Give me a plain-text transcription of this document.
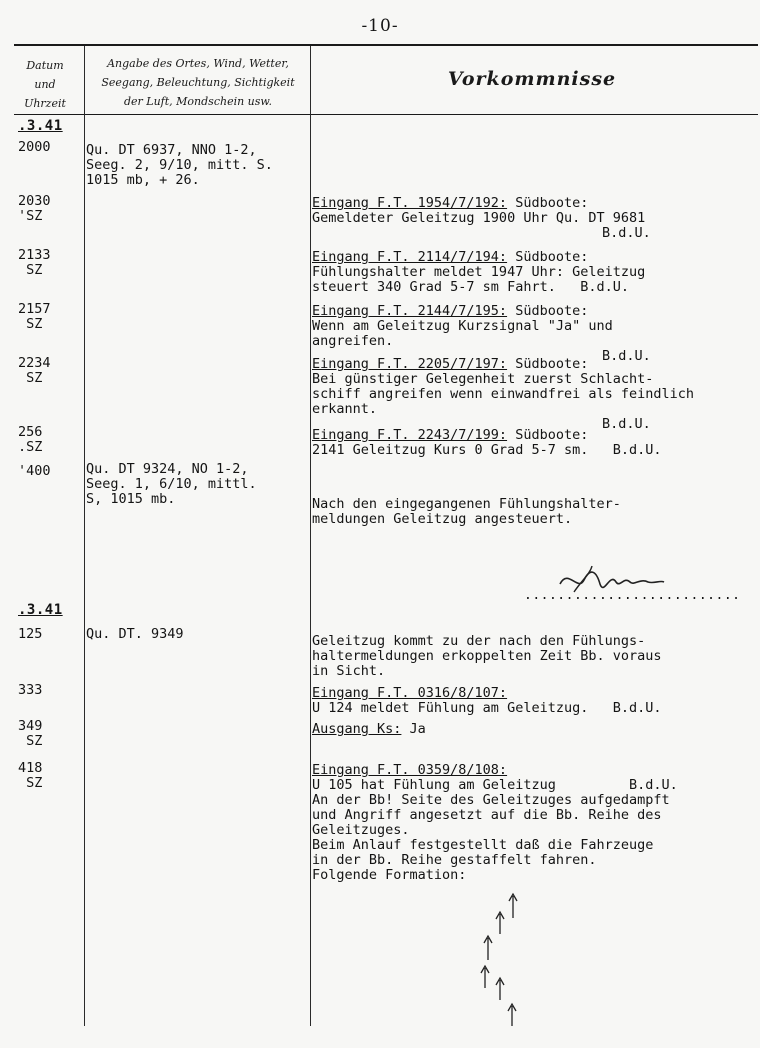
-10-
Datum
und
Uhrzeit
Angabe des Ortes, Wind, Wetter,
Seegang, Beleuchtung, Sichtigkeit
der Luft, Mondschein usw.
Vorkommnisse
.3.41
.3.41
2000
2030
'SZ
2133
SZ
2157
SZ
2234
SZ
256
.SZ
'400
125
333
349
SZ
418
SZ
Qu. DT 6937, NNO 1-2,
Seeg. 2, 9/10, mitt. S.
1015 mb, + 26.
Qu. DT 9324, NO 1-2,
Seeg. 1, 6/10, mittl.
S, 1015 mb.
Qu. DT. 9349
Eingang F.T. 1954/7/192: Südboote:
Gemeldeter Geleitzug 1900 Uhr Qu. DT 9681
B.d.U.
Eingang F.T. 2114/7/194: Südboote:
Fühlungshalter meldet 1947 Uhr: Geleitzug
steuert 340 Grad 5-7 sm Fahrt.   B.d.U.
Eingang F.T. 2144/7/195: Südboote:
Wenn am Geleitzug Kurzsignal "Ja" und
angreifen.
B.d.U.
Eingang F.T. 2205/7/197: Südboote:
Bei günstiger Gelegenheit zuerst Schlacht-
schiff angreifen wenn einwandfrei als feindlich
erkannt.
B.d.U.
Eingang F.T. 2243/7/199: Südboote:
2141 Geleitzug Kurs 0 Grad 5-7 sm.   B.d.U.
Nach den eingegangenen Fühlungshalter-
meldungen Geleitzug angesteuert.
Geleitzug kommt zu der nach den Fühlungs-
haltermeldungen erkoppelten Zeit Bb. voraus
in Sicht.
Eingang F.T. 0316/8/107:
U 124 meldet Fühlung am Geleitzug.   B.d.U.
Ausgang Ks: Ja
Eingang F.T. 0359/8/108:
U 105 hat Fühlung am Geleitzug         B.d.U.
An der Bb! Seite des Geleitzuges aufgedampft
und Angriff angesetzt auf die Bb. Reihe des
Geleitzuges.
Beim Anlauf festgestellt daß die Fahrzeuge
in der Bb. Reihe gestaffelt fahren.
Folgende Formation:
..........................
